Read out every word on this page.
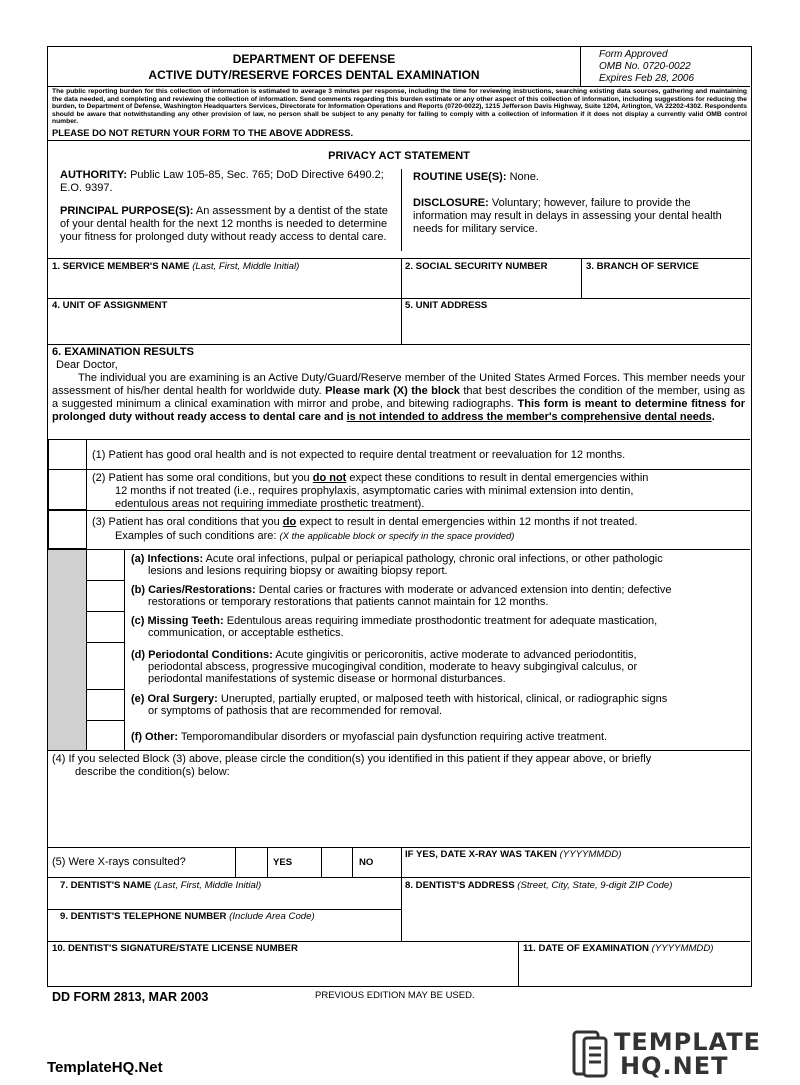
DEPARTMENT OF DEFENSE
ACTIVE DUTY/RESERVE FORCES DENTAL EXAMINATION
Form Approved
OMB No. 0720-0022
Expires Feb 28, 2006
The public reporting burden for this collection of information is estimated to average 3 minutes per response, including the time for reviewing instructions, searching existing data sources, gathering and maintaining the data needed, and completing and reviewing the collection of information. Send comments regarding this burden estimate or any other aspect of this collection of information, including suggestions for reducing the burden, to Department of Defense, Washington Headquarters Services, Directorate for Information Operations and Reports (0720-0022), 1215 Jefferson Davis Highway, Suite 1204, Arlington, VA 22202-4302. Respondents should be aware that notwithstanding any other provision of law, no person shall be subject to any penalty for failing to comply with a collection of information if it does not display a currently valid OMB control number.
PLEASE DO NOT RETURN YOUR FORM TO THE ABOVE ADDRESS.
PRIVACY ACT STATEMENT
AUTHORITY: Public Law 105-85, Sec. 765; DoD Directive 6490.2; E.O. 9397.
PRINCIPAL PURPOSE(S): An assessment by a dentist of the state of your dental health for the next 12 months is needed to determine your fitness for prolonged duty without ready access to dental care.
ROUTINE USE(S): None.
DISCLOSURE: Voluntary; however, failure to provide the information may result in delays in assessing your dental health needs for military service.
1. SERVICE MEMBER'S NAME (Last, First, Middle Initial)	2. SOCIAL SECURITY NUMBER	3. BRANCH OF SERVICE
4. UNIT OF ASSIGNMENT	5. UNIT ADDRESS
6. EXAMINATION RESULTS
Dear Doctor,
The individual you are examining is an Active Duty/Guard/Reserve member of the United States Armed Forces. This member needs your assessment of his/her dental health for worldwide duty. Please mark (X) the block that best describes the condition of the member, using as a suggested minimum a clinical examination with mirror and probe, and bitewing radiographs. This form is meant to determine fitness for prolonged duty without ready access to dental care and is not intended to address the member's comprehensive dental needs.
(1) Patient has good oral health and is not expected to require dental treatment or reevaluation for 12 months.
(2) Patient has some oral conditions, but you do not expect these conditions to result in dental emergencies within
12 months if not treated (i.e., requires prophylaxis, asymptomatic caries with minimal extension into dentin,
edentulous areas not requiring immediate prosthetic treatment).
(3) Patient has oral conditions that you do expect to result in dental emergencies within 12 months if not treated.
Examples of such conditions are: (X the applicable block or specify in the space provided)
(a) Infections: Acute oral infections, pulpal or periapical pathology, chronic oral infections, or other pathologic
lesions and lesions requiring biopsy or awaiting biopsy report.
(b) Caries/Restorations: Dental caries or fractures with moderate or advanced extension into dentin; defective
restorations or temporary restorations that patients cannot maintain for 12 months.
(c) Missing Teeth: Edentulous areas requiring immediate prosthodontic treatment for adequate mastication,
communication, or acceptable esthetics.
(d) Periodontal Conditions: Acute gingivitis or pericoronitis, active moderate to advanced periodontitis,
periodontal abscess, progressive mucogingival condition, moderate to heavy subgingival calculus, or
periodontal manifestations of systemic disease or hormonal disturbances.
(e) Oral Surgery: Unerupted, partially erupted, or malposed teeth with historical, clinical, or radiographic signs
or symptoms of pathosis that are recommended for removal.
(f) Other: Temporomandibular disorders or myofascial pain dysfunction requiring active treatment.
(4) If you selected Block (3) above, please circle the condition(s) you identified in this patient if they appear above, or briefly
describe the condition(s) below:
(5) Were X-rays consulted?	YES	NO
IF YES, DATE X-RAY WAS TAKEN (YYYYMMDD)
7. DENTIST'S NAME (Last, First, Middle Initial)	8. DENTIST'S ADDRESS (Street, City, State, 9-digit ZIP Code)
9. DENTIST'S TELEPHONE NUMBER (Include Area Code)
10. DENTIST'S SIGNATURE/STATE LICENSE NUMBER	11. DATE OF EXAMINATION (YYYYMMDD)
DD FORM 2813, MAR 2003	PREVIOUS EDITION MAY BE USED.
TemplateHQ.Net
TEMPLATE
HQ.NET
